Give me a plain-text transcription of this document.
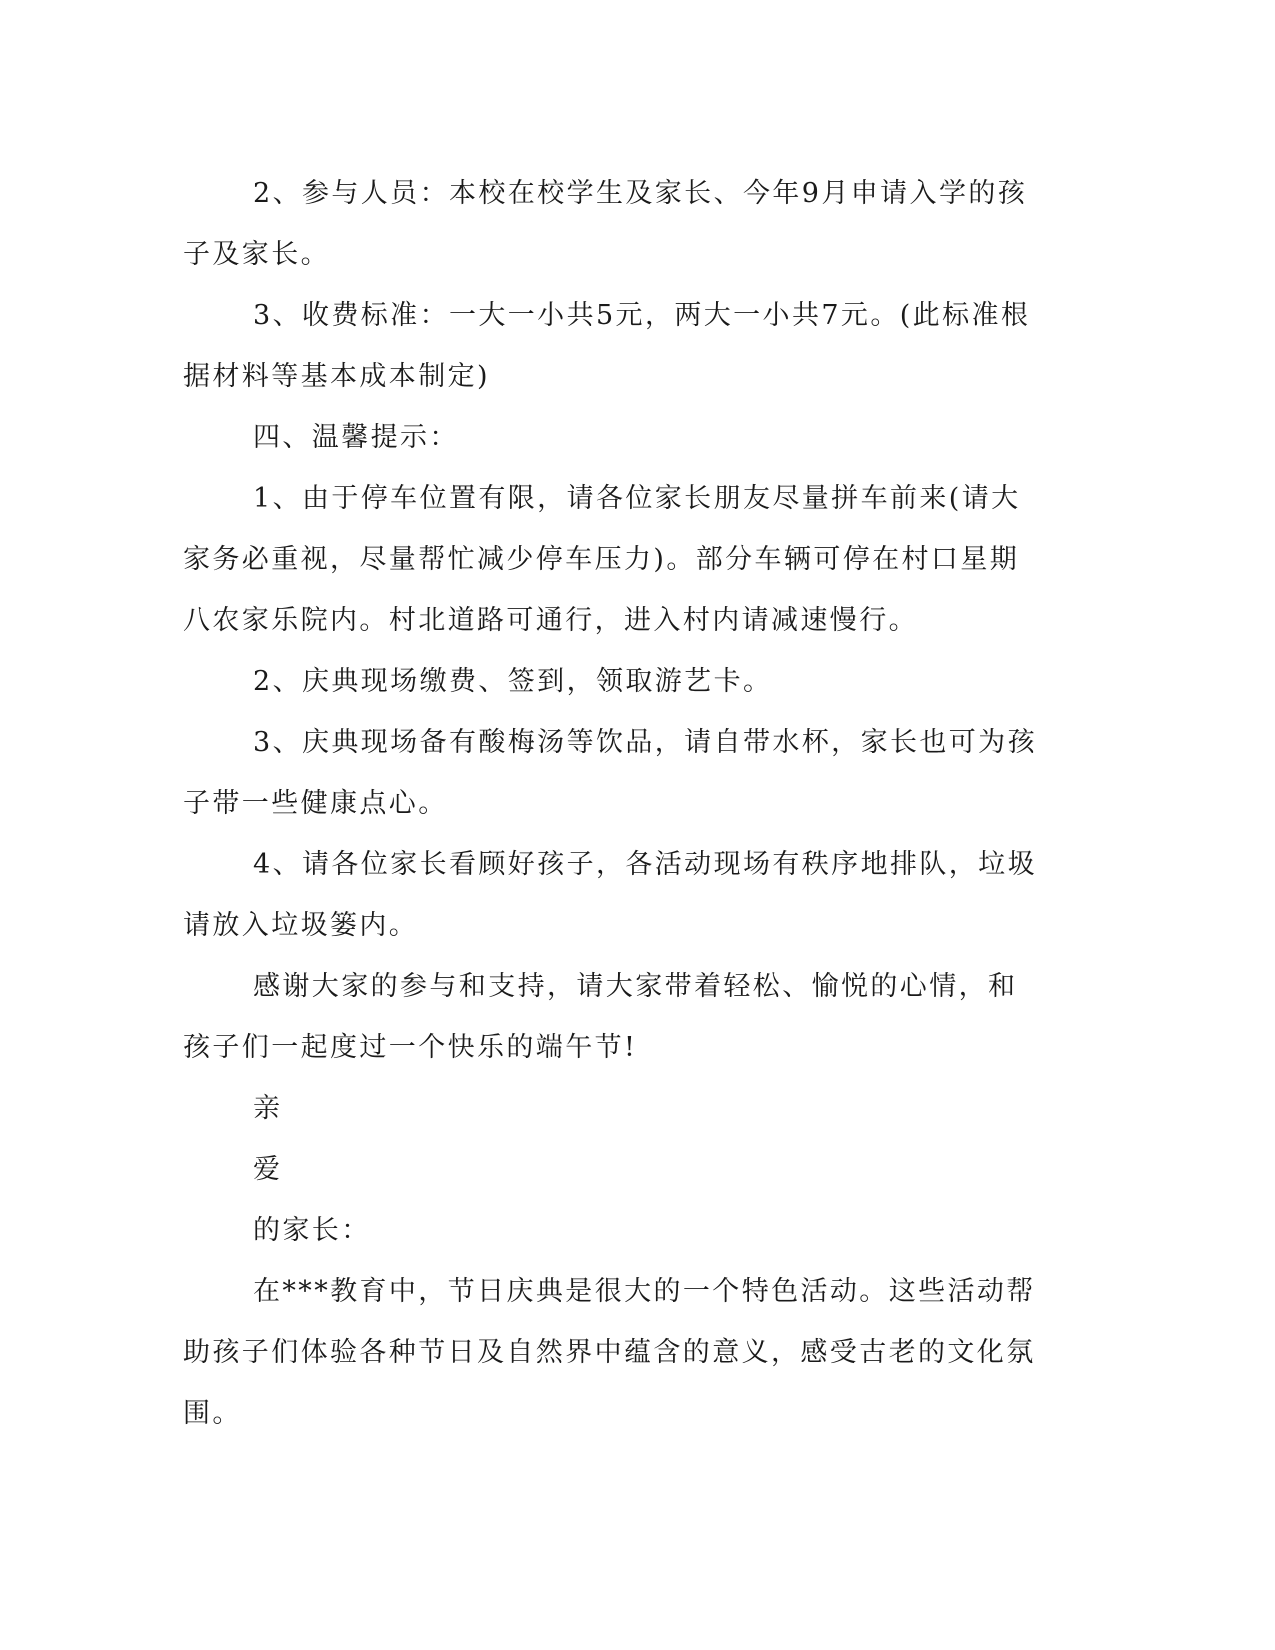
2、参与人员：本校在校学生及家长、今年9月申请入学的孩子及家长。

3、收费标准：一大一小共5元，两大一小共7元。(此标准根据材料等基本成本制定)

四、温馨提示：

1、由于停车位置有限，请各位家长朋友尽量拼车前来(请大家务必重视，尽量帮忙减少停车压力)。部分车辆可停在村口星期八农家乐院内。村北道路可通行，进入村内请减速慢行。

2、庆典现场缴费、签到，领取游艺卡。

3、庆典现场备有酸梅汤等饮品，请自带水杯，家长也可为孩子带一些健康点心。

4、请各位家长看顾好孩子，各活动现场有秩序地排队，垃圾请放入垃圾篓内。

感谢大家的参与和支持，请大家带着轻松、愉悦的心情，和孩子们一起度过一个快乐的端午节!

亲

爱

的家长：

在***教育中，节日庆典是很大的一个特色活动。这些活动帮助孩子们体验各种节日及自然界中蕴含的意义，感受古老的文化氛围。
